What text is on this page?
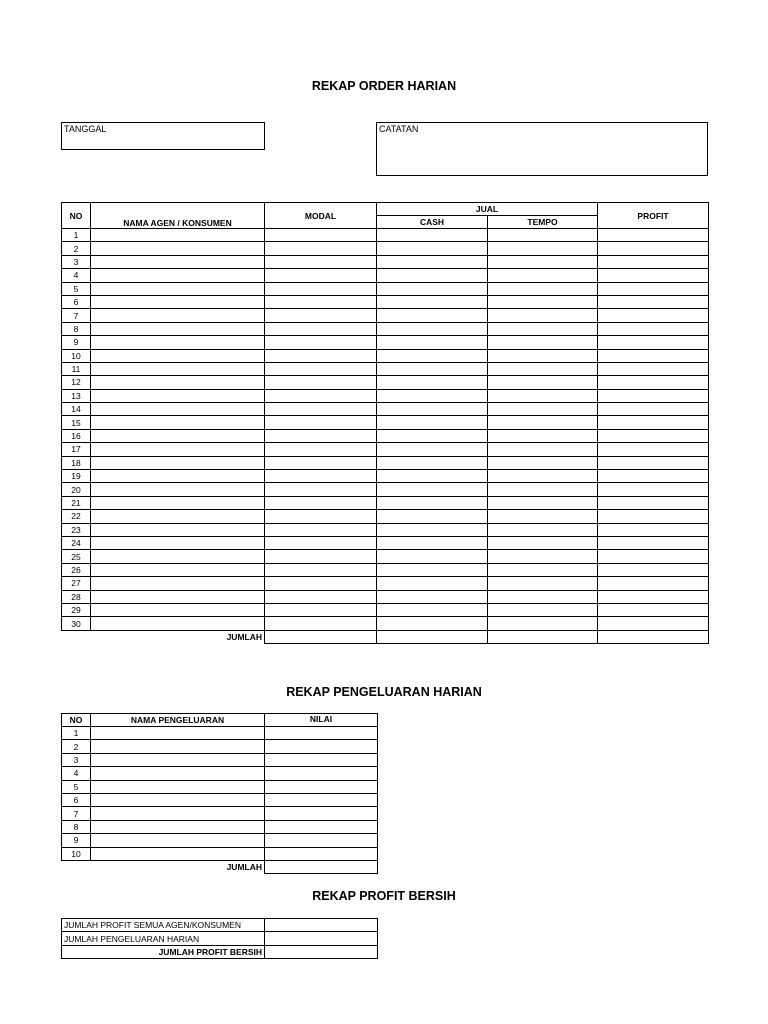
REKAP ORDER HARIAN
TANGGAL	CATATAN
NO	NAMA AGEN / KONSUMEN	MODAL	JUAL		PROFIT
			CASH	TEMPO	
1					
2					
3					
4					
5					
6					
7					
8					
9					
10					
11					
12					
13					
14					
15					
16					
17					
18					
19					
20					
21					
22					
23					
24					
25					
26					
27					
28					
29					
30					
JUMLAH					
REKAP PENGELUARAN HARIAN
NO	NAMA PENGELUARAN	NILAI
1		
2		
3		
4		
5		
6		
7		
8		
9		
10		
JUMLAH		
REKAP PROFIT BERSIH
JUMLAH PROFIT SEMUA AGEN/KONSUMEN	
JUMLAH PENGELUARAN HARIAN	
JUMLAH PROFIT BERSIH	
